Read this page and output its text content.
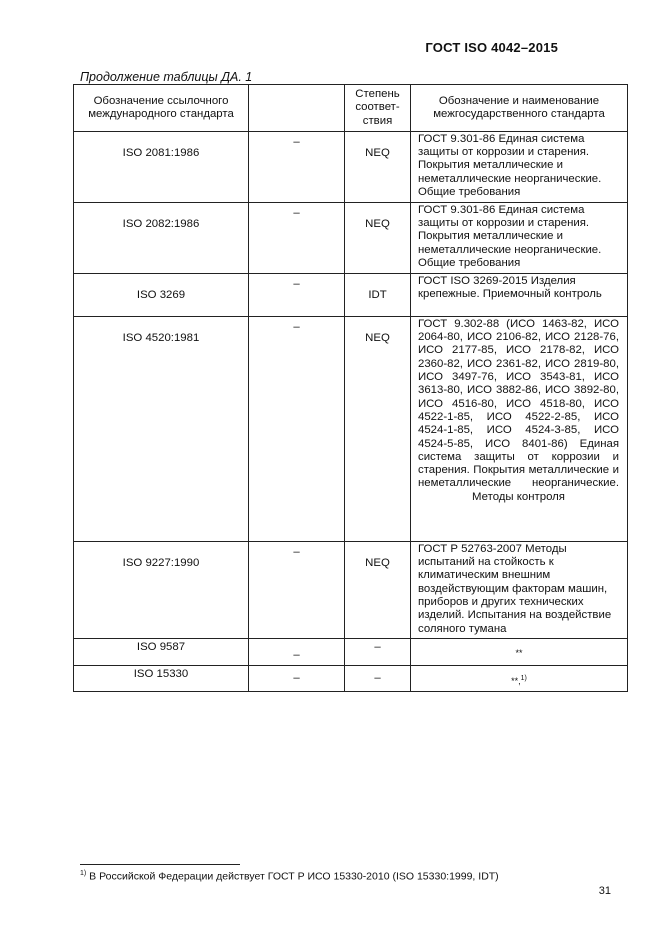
ГОСТ ISO 4042–2015
Продолжение таблицы ДА. 1
Обозначение ссылочного международного стандарта		Степень соответ-ствия	Обозначение и наименование межгосударственного стандарта
ISO 2081:1986	–	NEQ	ГОСТ 9.301-86 Единая система защиты от коррозии и старения. Покрытия металлические и неметаллические неорганические. Общие требования
ISO 2082:1986	–	NEQ	ГОСТ 9.301-86 Единая система защиты от коррозии и старения. Покрытия металлические и неметаллические неорганические. Общие требования
ISO 3269	–	IDT	ГОСТ ISO 3269-2015 Изделия крепежные. Приемочный контроль
ISO 4520:1981	–	NEQ	ГОСТ 9.302-88 (ИСО 1463-82, ИСО 2064-80, ИСО 2106-82, ИСО 2128-76, ИСО 2177-85, ИСО 2178-82, ИСО 2360-82, ИСО 2361-82, ИСО 2819-80, ИСО 3497-76, ИСО 3543-81, ИСО 3613-80, ИСО 3882-86, ИСО 3892-80, ИСО 4516-80, ИСО 4518-80, ИСО 4522-1-85, ИСО 4522-2-85, ИСО 4524-1-85, ИСО 4524-3-85, ИСО 4524-5-85, ИСО 8401-86) Единая система защиты от коррозии и старения. Покрытия металлические и неметаллические неорганические. Методы контроля
ISO 9227:1990	–	NEQ	ГОСТ Р 52763-2007 Методы испытаний на стойкость к климатическим внешним воздействующим факторам машин, приборов и других технических изделий. Испытания на воздействие соляного тумана
ISO 9587	–	–	**
ISO 15330	–	–	**,$^{1)}$
$^{1)}$ В Российской Федерации действует ГОСТ Р ИСО 15330-2010 (ISO 15330:1999, IDT)
31
